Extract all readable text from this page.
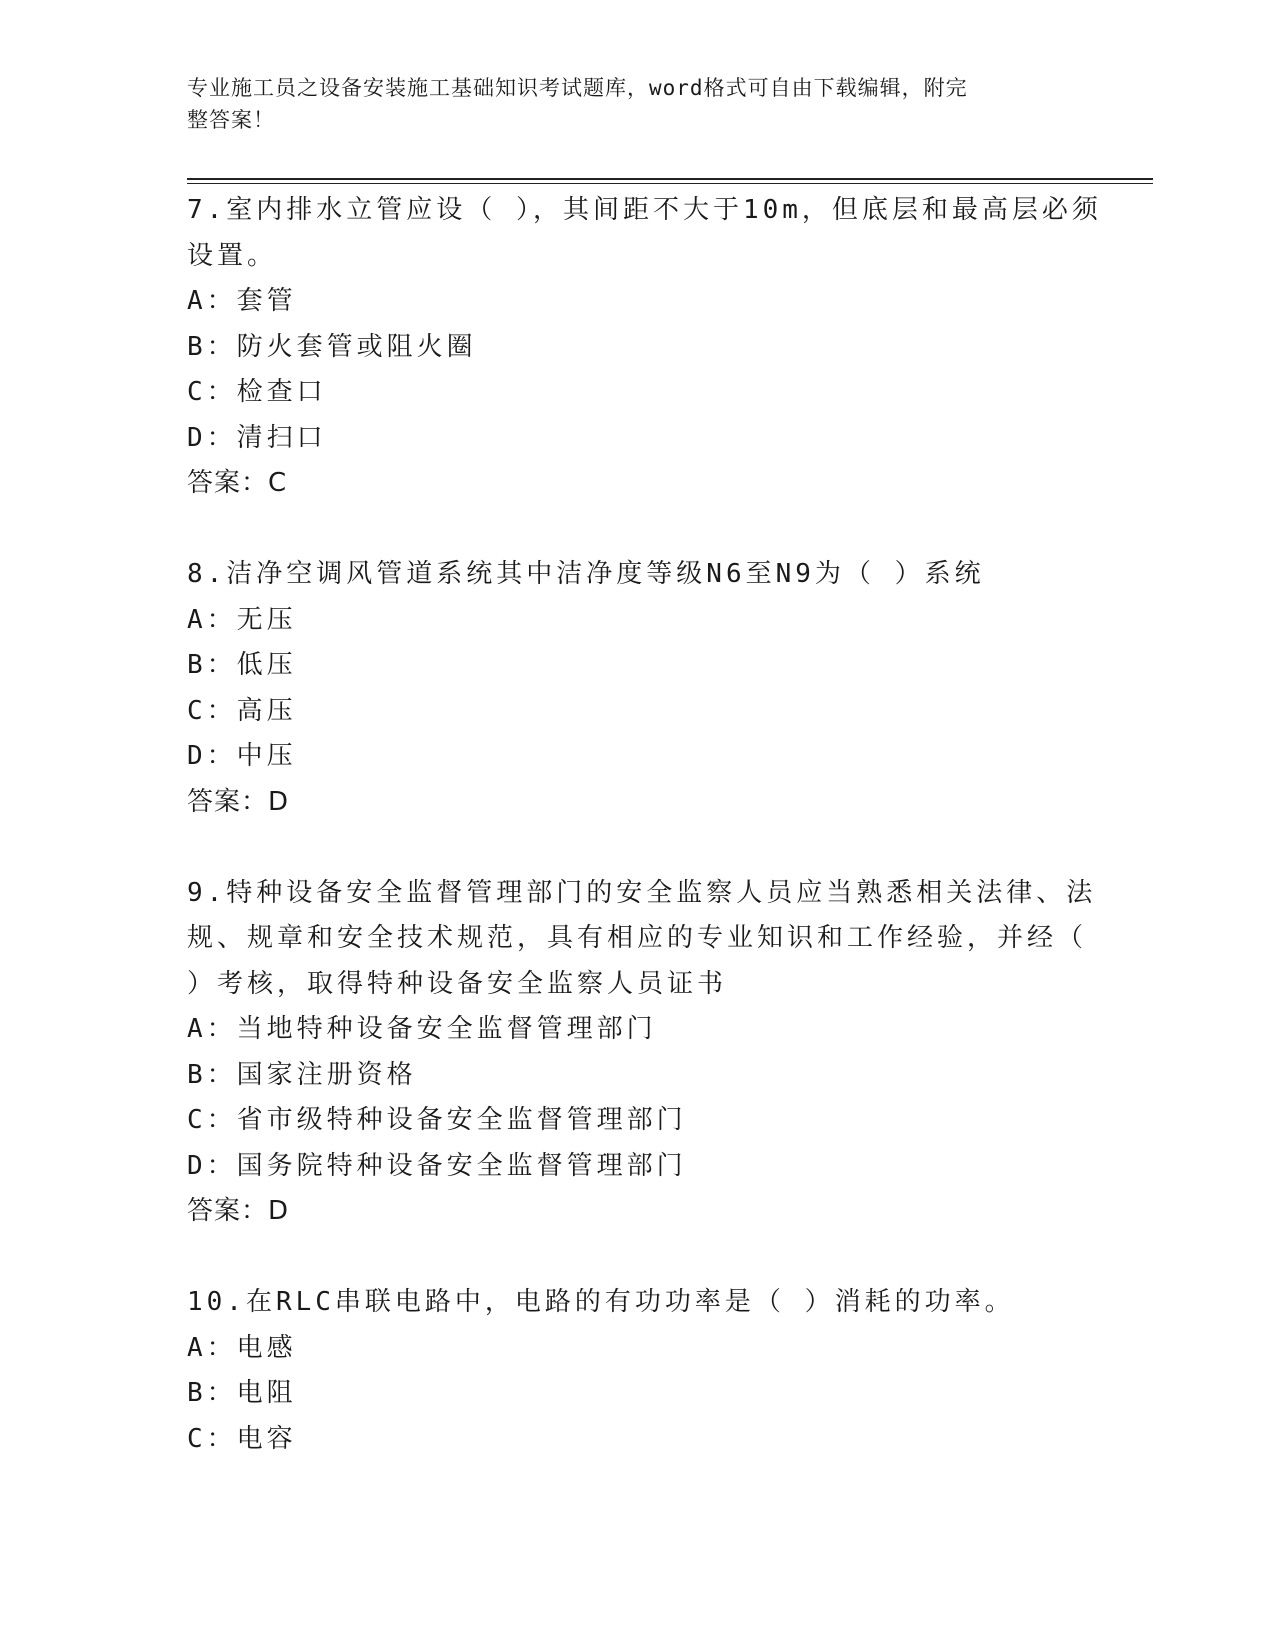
专业施工员之设备安装施工基础知识考试题库，word格式可自由下载编辑，附完
整答案！
7.室内排水立管应设（ ），其间距不大于10m，但底层和最高层必须
设置。
A：套管
B：防火套管或阻火圈
C：检查口
D：清扫口
答案：C
8.洁净空调风管道系统其中洁净度等级N6至N9为（ ）系统
A：无压
B：低压
C：高压
D：中压
答案：D
9.特种设备安全监督管理部门的安全监察人员应当熟悉相关法律、法
规、规章和安全技术规范，具有相应的专业知识和工作经验，并经（
）考核，取得特种设备安全监察人员证书
A：当地特种设备安全监督管理部门
B：国家注册资格
C：省市级特种设备安全监督管理部门
D：国务院特种设备安全监督管理部门
答案：D
10.在RLC串联电路中，电路的有功功率是（ ）消耗的功率。
A：电感
B：电阻
C：电容
